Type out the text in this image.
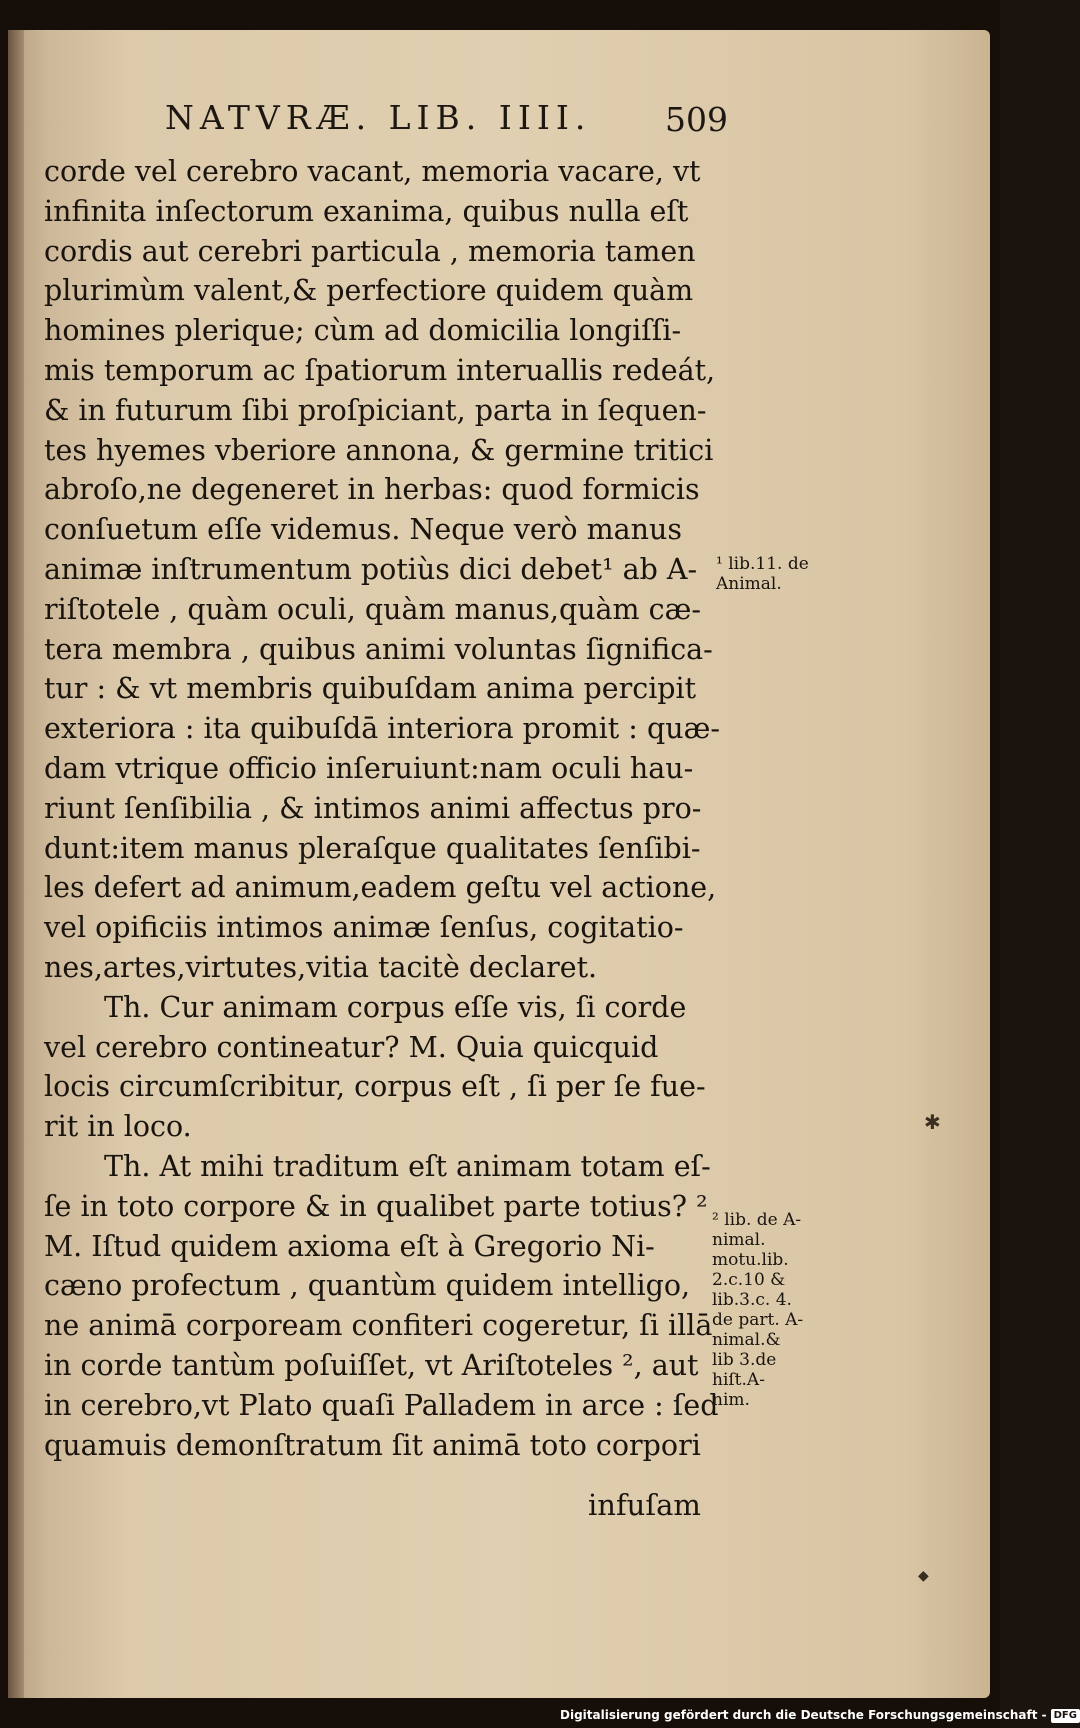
NATVRÆ. LIB. IIII.	509
corde vel cerebro vacant, memoria vacare, vt
infinita inſectorum exanima, quibus nulla eſt
cordis aut cerebri particula , memoria tamen
plurimùm valent,& perfectiore quidem quàm
homines plerique; cùm ad domicilia longiſſi-
mis temporum ac ſpatiorum interuallis redeát,
& in futurum ſibi proſpiciant, parta in ſequen-
tes hyemes vberiore annona, & germine tritici
abroſo,ne degeneret in herbas: quod formicis
conſuetum eſſe videmus. Neque verò manus
animæ inſtrumentum potiùs dici debet¹ ab A-
riſtotele , quàm oculi, quàm manus,quàm cæ-
tera membra , quibus animi voluntas ſignifica-
tur : & vt membris quibuſdam anima percipit
exteriora : ita quibuſdā interiora promit : quæ-
dam vtrique officio inſeruiunt:nam oculi hau-
riunt ſenſibilia , & intimos animi affectus pro-
dunt:item manus pleraſque qualitates ſenſibi-
les defert ad animum,eadem geſtu vel actione,
vel opificiis intimos animæ ſenſus, cogitatio-
nes,artes,virtutes,vitia tacitè declaret.
Th. Cur animam corpus eſſe vis, ſi corde
vel cerebro contineatur? M. Quia quicquid
locis circumſcribitur, corpus eſt , ſi per ſe fue-
rit in loco.
Th. At mihi traditum eſt animam totam eſ-
ſe in toto corpore & in qualibet parte totius? ²
M. Iſtud quidem axioma eſt à Gregorio Ni-
cæno profectum , quantùm quidem intelligo,
ne animā corpoream confiteri cogeretur, ſi illā
in corde tantùm poſuiſſet, vt Ariſtoteles ², aut
in cerebro,vt Plato quaſi Palladem in arce : ſed
quamuis demonſtratum ſit animā toto corpori
infuſam
¹ lib.11. de
Animal.
² lib. de A-
nimal.
motu.lib.
2.c.10 &
lib.3.c. 4.
de part. A-
nimal.&
lib 3.de
hiſt.A-
nim.
✱
◆
Digitalisierung gefördert durch die Deutsche Forschungsgemeinschaft - DFG
